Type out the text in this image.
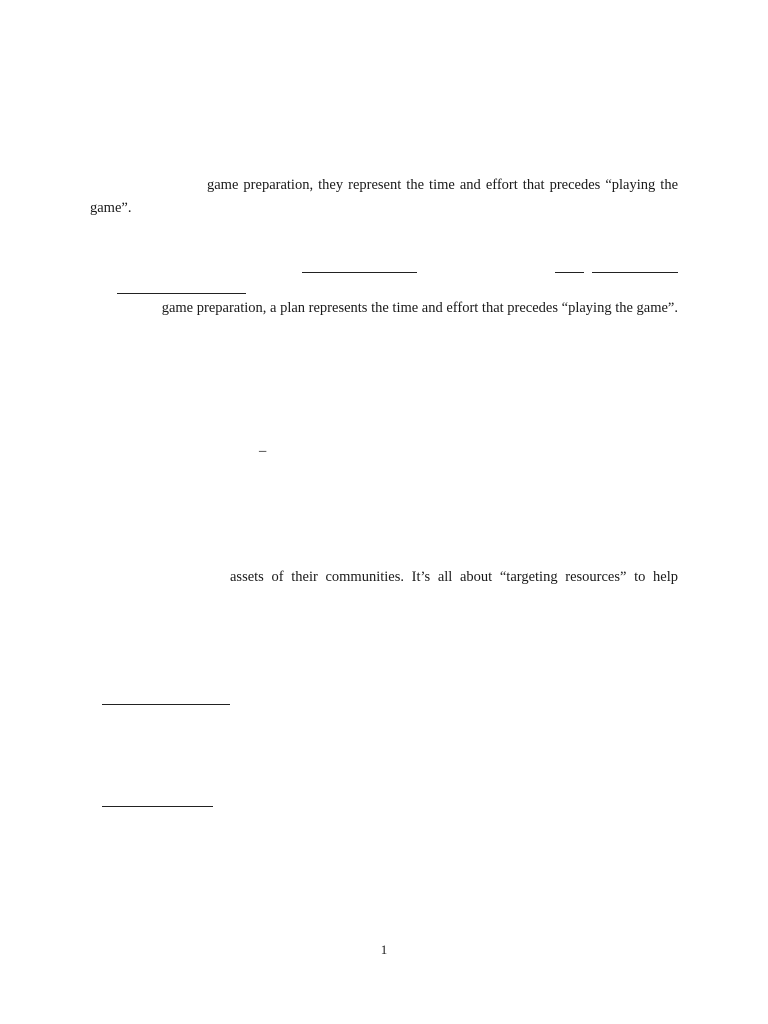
game preparation, they represent the time and effort that precedes “playing the
game”.
game preparation, a plan represents the time and effort that precedes “playing the game”.
–
assets of their communities. It’s all about “targeting resources” to help
1
